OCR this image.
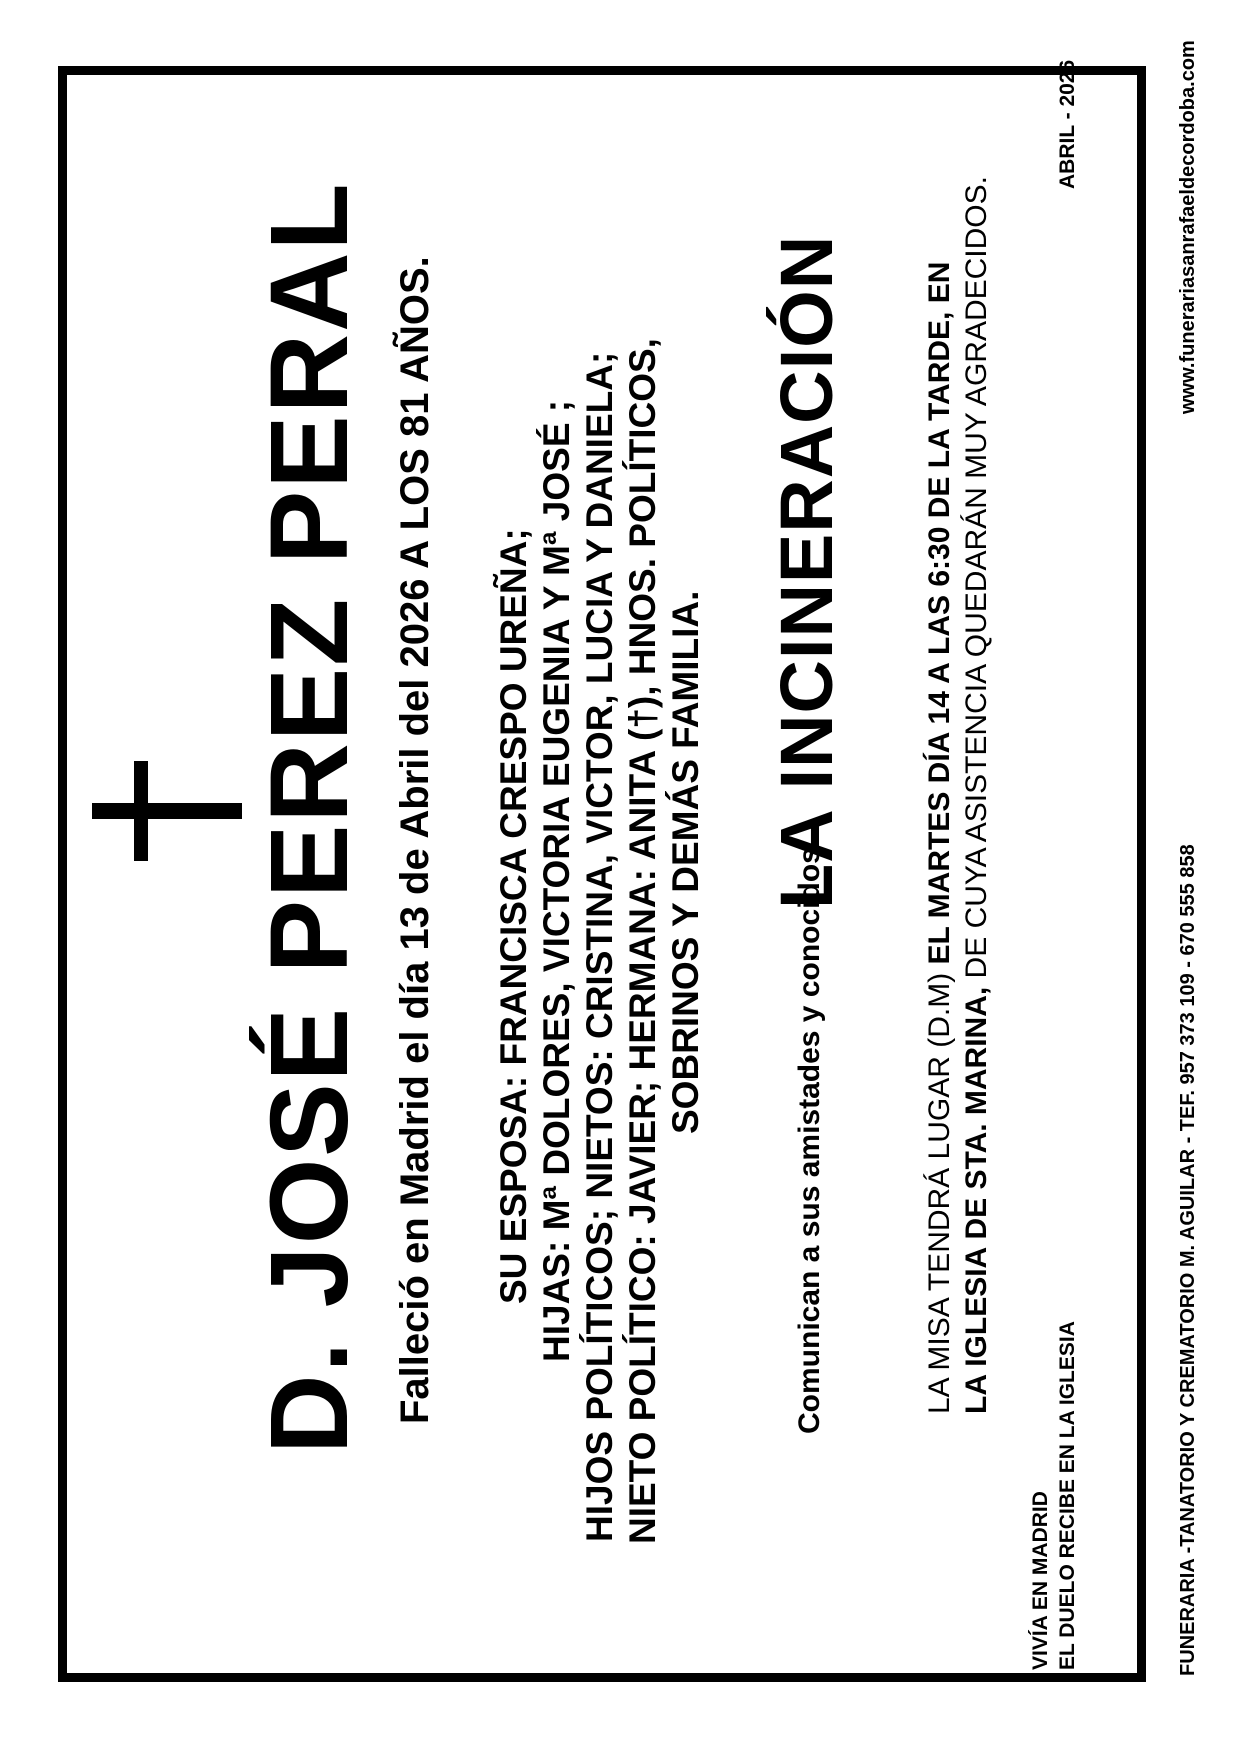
D. JOSÉ PEREZ PERAL Falleció en Madrid el día 13 de Abril del 2026 A LOS 81 AÑOS. SU ESPOSA: FRANCISCA CRESPO UREÑA; HIJAS: Mª DOLORES, VICTORIA EUGENIA Y Mª JOSÉ ; HIJOS POLÍTICOS; NIETOS: CRISTINA, VICTOR, LUCIA Y DANIELA; NIETO POLÍTICO: JAVIER; HERMANA: ANITA (†), HNOS. POLÍTICOS, SOBRINOS Y DEMÁS FAMILIA.	Comunican a sus amistades y conocidos
LA INCINERACIÓN
LA MISA TENDRÁ LUGAR (D.M) EL MARTES DÍA 14 A LAS 6:30 DE LA TARDE, EN
LA IGLESIA DE STA. MARINA, DE CUYA ASISTENCIA QUEDARÁN MUY AGRADECIDOS.
VIVÍA EN MADRID EL DUELO RECIBE EN LA IGLESIA
ABRIL - 2026
FUNERARIA -TANATORIO Y CREMATORIO M. AGUILAR - TEF. 957 373 109 - 670 555 858
www.funerariasanrafaeldecordoba.com
